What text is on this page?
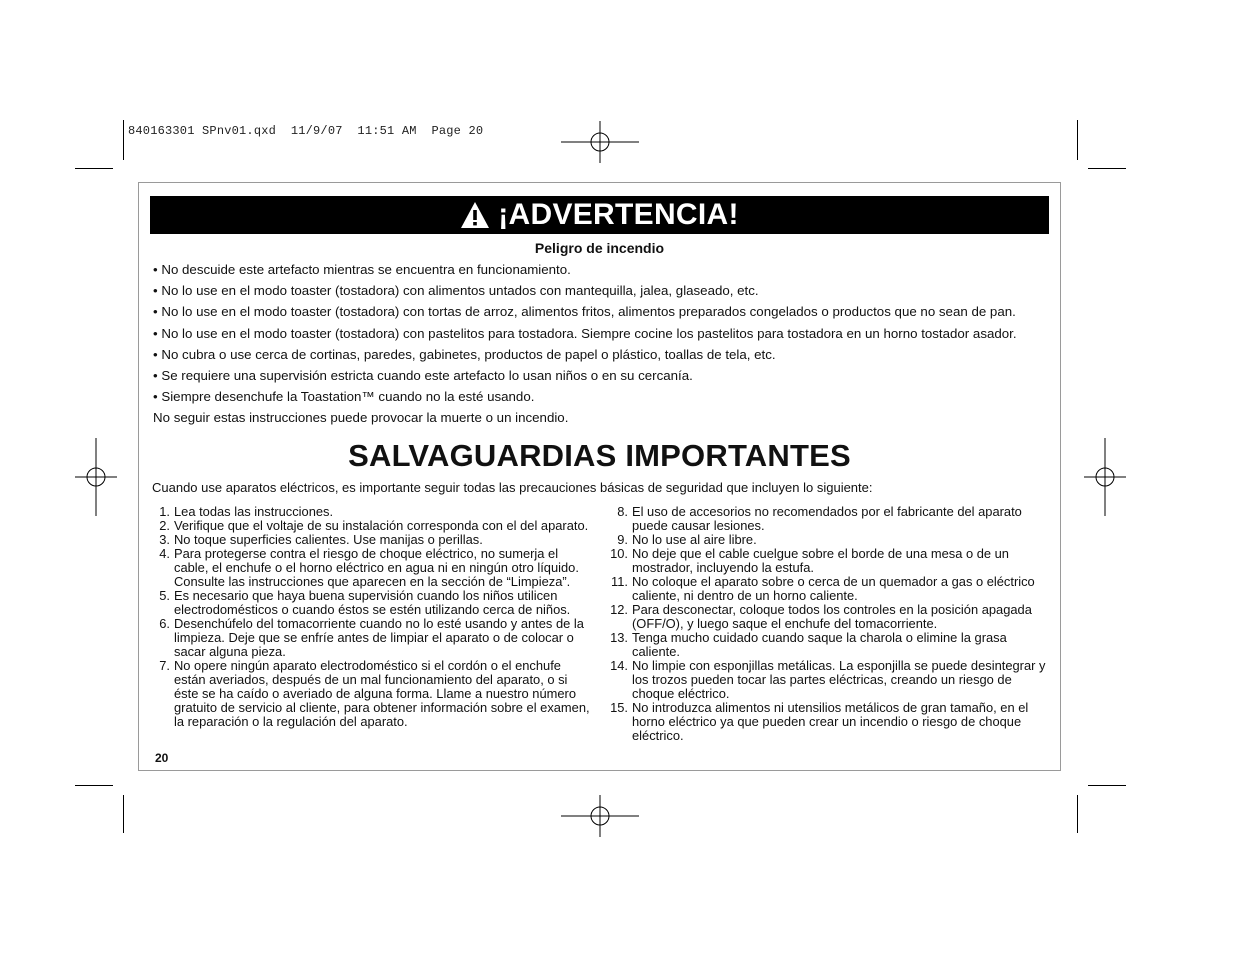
840163301 SPnv01.qxd  11/9/07  11:51 AM  Page 20
¡ADVERTENCIA!
Peligro de incendio
• No descuide este artefacto mientras se encuentra en funcionamiento.
• No lo use en el modo toaster (tostadora) con alimentos untados con mantequilla, jalea, glaseado, etc.
• No lo use en el modo toaster (tostadora) con tortas de arroz, alimentos fritos, alimentos preparados congelados o productos que no sean de pan.
• No lo use en el modo toaster (tostadora) con pastelitos para tostadora. Siempre cocine los pastelitos para tostadora en un horno tostador asador.
• No cubra o use cerca de cortinas, paredes, gabinetes, productos de papel o plástico, toallas de tela, etc.
• Se requiere una supervisión estricta cuando este artefacto lo usan niños o en su cercanía.
• Siempre desenchufe la Toastation™ cuando no la esté usando.
No seguir estas instrucciones puede provocar la muerte o un incendio.
SALVAGUARDIAS IMPORTANTES
Cuando use aparatos eléctricos, es importante seguir todas las precauciones básicas de seguridad que incluyen lo siguiente:
1. Lea todas las instrucciones.
2. Verifique que el voltaje de su instalación corresponda con el del aparato.
3. No toque superficies calientes. Use manijas o perillas.
4. Para protegerse contra el riesgo de choque eléctrico, no sumerja el cable, el enchufe o el horno eléctrico en agua ni en ningún otro líquido. Consulte las instrucciones que aparecen en la sección de “Limpieza”.
5. Es necesario que haya buena supervisión cuando los niños utilicen electrodomésticos o cuando éstos se estén utilizando cerca de niños.
6. Desenchúfelo del tomacorriente cuando no lo esté usando y antes de la limpieza. Deje que se enfríe antes de limpiar el aparato o de colocar o sacar alguna pieza.
7. No opere ningún aparato electrodoméstico si el cordón o el enchufe están averiados, después de un mal funcionamiento del aparato, o si éste se ha caído o averiado de alguna forma. Llame a nuestro número gratuito de servicio al cliente, para obtener información sobre el examen, la reparación o la regulación del aparato.
8. El uso de accesorios no recomendados por el fabricante del aparato puede causar lesiones.
9. No lo use al aire libre.
10. No deje que el cable cuelgue sobre el borde de una mesa o de un mostrador, incluyendo la estufa.
11. No coloque el aparato sobre o cerca de un quemador a gas o eléctrico caliente, ni dentro de un horno caliente.
12. Para desconectar, coloque todos los controles en la posición apagada (OFF/O), y luego saque el enchufe del tomacorriente.
13. Tenga mucho cuidado cuando saque la charola o elimine la grasa caliente.
14. No limpie con esponjillas metálicas. La esponjilla se puede desintegrar y los trozos pueden tocar las partes eléctricas, creando un riesgo de choque eléctrico.
15. No introduzca alimentos ni utensilios metálicos de gran tamaño, en el horno eléctrico ya que pueden crear un incendio o riesgo de choque eléctrico.
20
